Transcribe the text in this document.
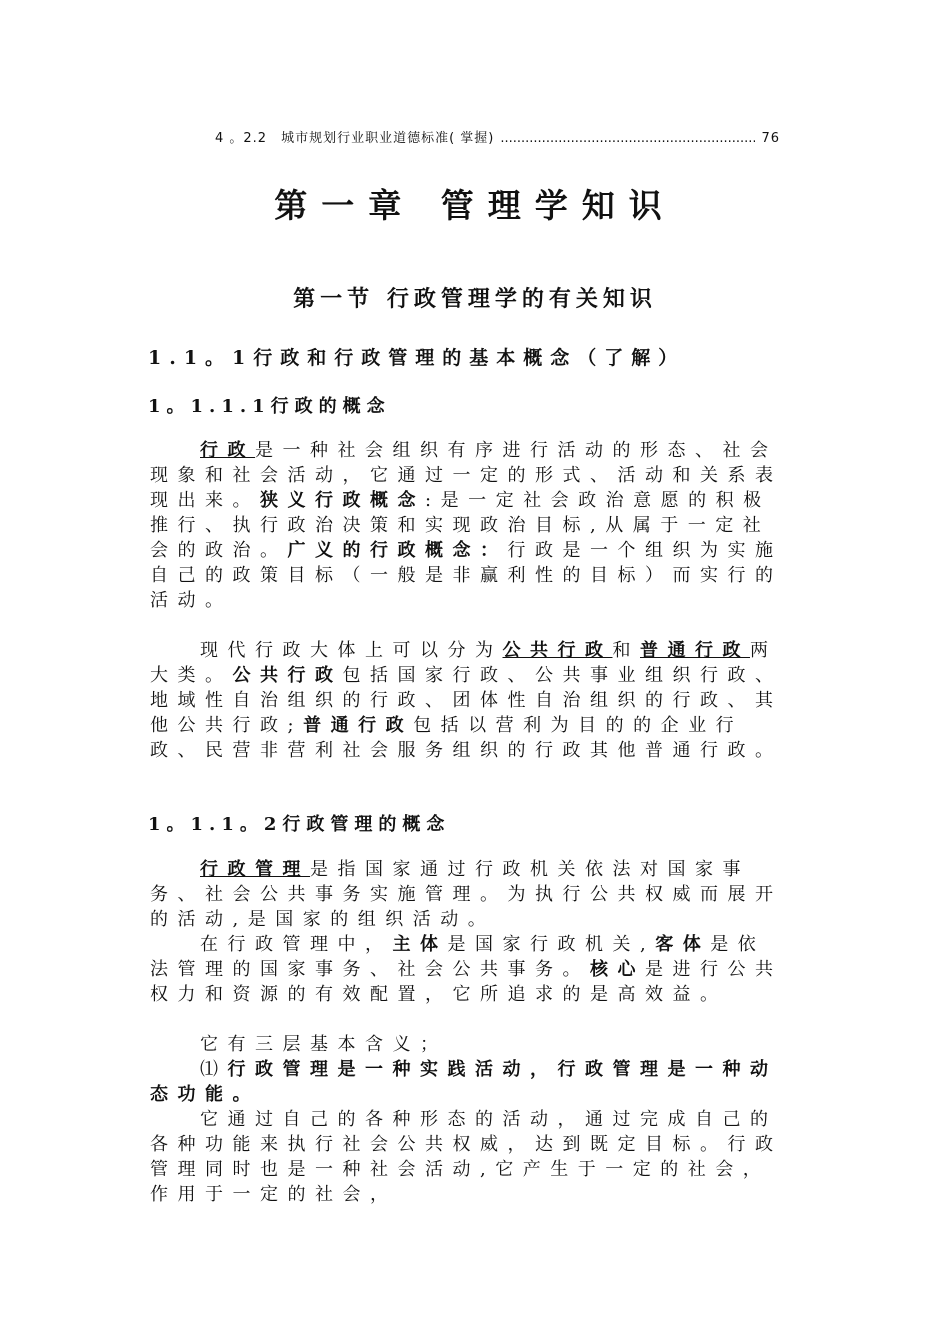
4 。2.2　城市规划行业职业道德标准( 掌握)
.....	76
第一章 管理学知识
第一节 行政管理学的有关知识
1.1。1行政和行政管理的基本概念（了解）
1。1.1.1行政的概念

行政是一种社会组织有序进行活动的形态、社会现象和社会活动，它通过一定的形式、活动和关系表现出来。狭义行政概念:是一定社会政治意愿的积极推行、执行政治决策和实现政治目标,从属于一定社会的政治。广义的行政概念：行政是一个组织为实施自己的政策目标（一般是非赢利性的目标）而实行的活动。

现代行政大体上可以分为公共行政和普通行政两大类。公共行政包括国家行政、公共事业组织行政、地域性自治组织的行政、团体性自治组织的行政、其他公共行政;普通行政包括以营利为目的的企业行政、民营非营利社会服务组织的行政其他普通行政。

1。1.1。2行政管理的概念

行政管理是指国家通过行政机关依法对国家事务、社会公共事务实施管理。为执行公共权威而展开的活动,是国家的组织活动。

在行政管理中，主体是国家行政机关,客体是依法管理的国家事务、社会公共事务。核心是进行公共权力和资源的有效配置，它所追求的是高效益。

它有三层基本含义；

⑴行政管理是一种实践活动，行政管理是一种动态功能。

它通过自己的各种形态的活动，通过完成自己的各种功能来执行社会公共权威，达到既定目标。行政管理同时也是一种社会活动,它产生于一定的社会，作用于一定的社会，
